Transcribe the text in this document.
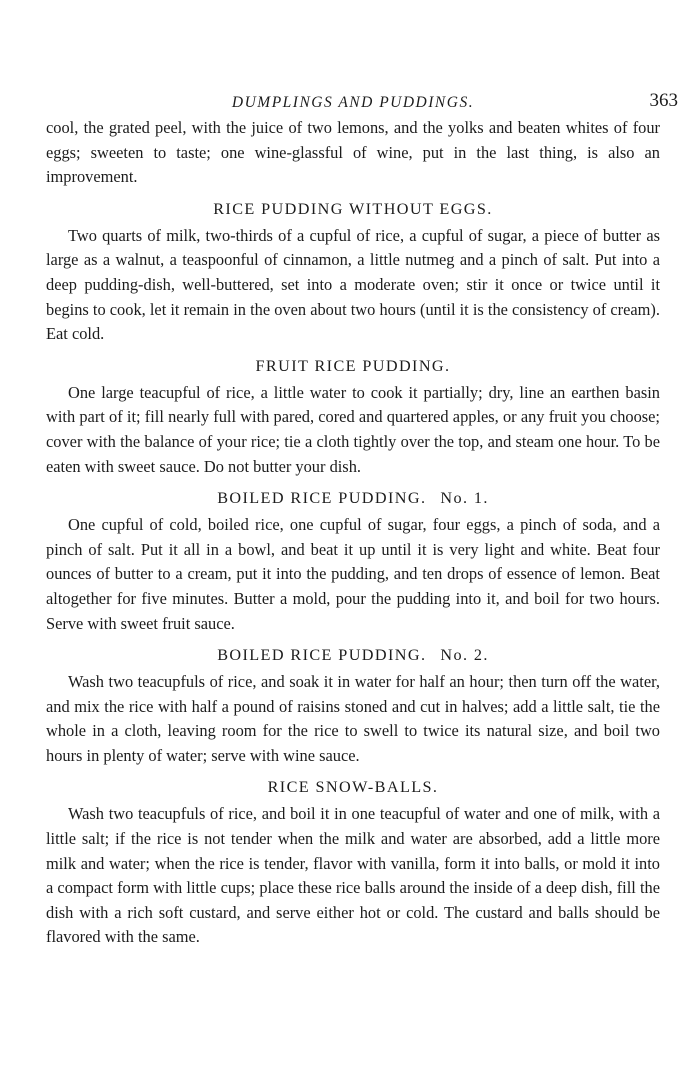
DUMPLINGS AND PUDDINGS.	363

cool, the grated peel, with the juice of two lemons, and the yolks and beaten whites of four eggs; sweeten to taste; one wine-glassful of wine, put in the last thing, is also an improvement.

RICE PUDDING WITHOUT EGGS.

Two quarts of milk, two-thirds of a cupful of rice, a cupful of sugar, a piece of butter as large as a walnut, a teaspoonful of cinnamon, a little nutmeg and a pinch of salt. Put into a deep pudding-dish, well-buttered, set into a moderate oven; stir it once or twice until it begins to cook, let it remain in the oven about two hours (until it is the consistency of cream). Eat cold.

FRUIT RICE PUDDING.

One large teacupful of rice, a little water to cook it partially; dry, line an earthen basin with part of it; fill nearly full with pared, cored and quartered apples, or any fruit you choose; cover with the balance of your rice; tie a cloth tightly over the top, and steam one hour. To be eaten with sweet sauce. Do not butter your dish.

BOILED RICE PUDDING. No. 1.

One cupful of cold, boiled rice, one cupful of sugar, four eggs, a pinch of soda, and a pinch of salt. Put it all in a bowl, and beat it up until it is very light and white. Beat four ounces of butter to a cream, put it into the pudding, and ten drops of essence of lemon. Beat altogether for five minutes. Butter a mold, pour the pudding into it, and boil for two hours. Serve with sweet fruit sauce.

BOILED RICE PUDDING. No. 2.

Wash two teacupfuls of rice, and soak it in water for half an hour; then turn off the water, and mix the rice with half a pound of raisins stoned and cut in halves; add a little salt, tie the whole in a cloth, leaving room for the rice to swell to twice its natural size, and boil two hours in plenty of water; serve with wine sauce.

RICE SNOW-BALLS.

Wash two teacupfuls of rice, and boil it in one teacupful of water and one of milk, with a little salt; if the rice is not tender when the milk and water are absorbed, add a little more milk and water; when the rice is tender, flavor with vanilla, form it into balls, or mold it into a compact form with little cups; place these rice balls around the inside of a deep dish, fill the dish with a rich soft custard, and serve either hot or cold. The custard and balls should be flavored with the same.
